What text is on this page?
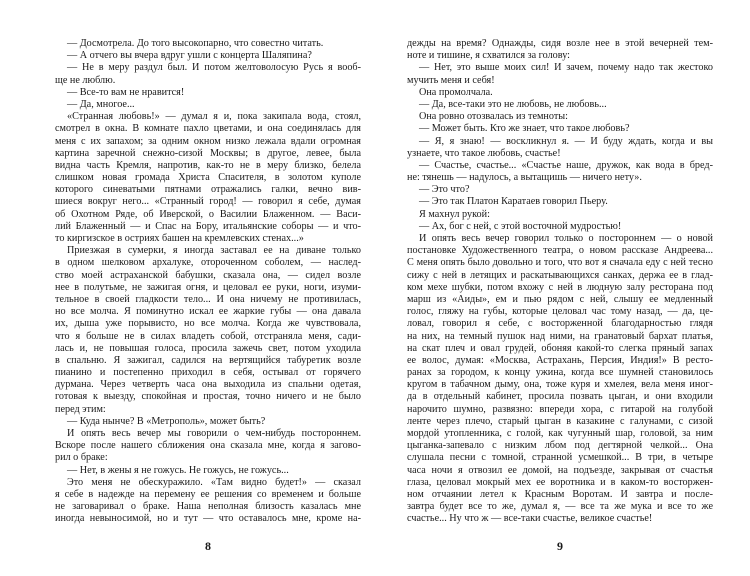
— Досмотрела. До того высокопарно, что совестно читать.
— А отчего вы вчера вдруг ушли с концерта Шаляпина?
— Не в меру раздул был. И потом желтоволосую Русь я вооб-
ще не люблю.
— Все-то вам не нравится!
— Да, многое...
«Странная любовь!» — думал я и, пока закипала вода, стоял,
смотрел в окна. В комнате пахло цветами, и она соединялась для
меня с их запахом; за одним окном низко лежала вдали огромная
картина заречной снежно-сизой Москвы; в другое, левее, была
видна часть Кремля, напротив, как-то не в меру близко, белела
слишком новая громада Христа Спасителя, в золотом куполе
которого синеватыми пятнами отражались галки, вечно вив-
шиеся вокруг него... «Странный город! — говорил я себе, думая
об Охотном Ряде, об Иверской, о Василии Блаженном. — Васи-
лий Блаженный — и Спас на Бору, итальянские соборы — и что-
то киргизское в остриях башен на кремлевских стенах...»
Приезжая в сумерки, я иногда заставал ее на диване только
в одном шелковом архалуке, отороченном соболем, — наслед-
ство моей астраханской бабушки, сказала она, — сидел возле
нее в полутьме, не зажигая огня, и целовал ее руки, ноги, изуми-
тельное в своей гладкости тело... И она ничему не противилась,
но все молча. Я поминутно искал ее жаркие губы — она давала
их, дыша уже порывисто, но все молча. Когда же чувствовала,
что я больше не в силах владеть собой, отстраняла меня, сади-
лась и, не повышая голоса, просила зажечь свет, потом уходила
в спальню. Я зажигал, садился на вертящийся табуретик возле
пианино и постепенно приходил в себя, остывал от горячего
дурмана. Через четверть часа она выходила из спальни одетая,
готовая к выезду, спокойная и простая, точно ничего и не было
перед этим:
— Куда нынче? В «Метрополь», может быть?
И опять весь вечер мы говорили о чем-нибудь постороннем.
Вскоре после нашего сближения она сказала мне, когда я загово-
рил о браке:
— Нет, в жены я не гожусь. Не гожусь, не гожусь...
Это меня не обескуражило. «Там видно будет!» — сказал
я себе в надежде на перемену ее решения со временем и больше
не заговаривал о браке. Наша неполная близость казалась мне
иногда невыносимой, но и тут — что оставалось мне, кроме на-
8
дежды на время? Однажды, сидя возле нее в этой вечерней тем-
ноте и тишине, я схватился за голову:
— Нет, это выше моих сил! И зачем, почему надо так жестоко
мучить меня и себя!
Она промолчала.
— Да, все-таки это не любовь, не любовь...
Она ровно отозвалась из темноты:
— Может быть. Кто же знает, что такое любовь?
— Я, я знаю! — воскликнул я. — И буду ждать, когда и вы
узнаете, что такое любовь, счастье!
— Счастье, счастье... «Счастье наше, дружок, как вода в бред-
не: тянешь — надулось, а вытащишь — ничего нету».
— Это что?
— Это так Платон Каратаев говорил Пьеру.
Я махнул рукой:
— Ах, бог с ней, с этой восточной мудростью!
И опять весь вечер говорил только о постороннем — о новой
постановке Художественного театра, о новом рассказе Андреева...
С меня опять было довольно и того, что вот я сначала еду с ней тесно
сижу с ней в летящих и раскатывающихся санках, держа ее в глад-
ком мехе шубки, потом вхожу с ней в людную залу ресторана под
марш из «Аиды», ем и пью рядом с ней, слышу ее медленный
голос, гляжу на губы, которые целовал час тому назад, — да, це-
ловал, говорил я себе, с восторженной благодарностью глядя
на них, на темный пушок над ними, на гранатовый бархат платья,
на скат плеч и овал грудей, обоняя какой-то слегка пряный запах
ее волос, думая: «Москва, Астрахань, Персия, Индия!» В рестo-
ранах за городом, к концу ужина, когда все шумней становилось
кругом в табачном дыму, она, тоже куря и хмелея, вела меня иног-
да в отдельный кабинет, просила позвать цыган, и они входили
нарочито шумно, развязно: впереди хора, с гитарой на голубой
ленте через плечо, старый цыган в казакине с галунами, с сизой
мордой утопленника, с голой, как чугунный шар, головой, за ним
цыганка-запевало с низким лбом под дегтярной челкой... Она
слушала песни с томной, странной усмешкой... В три, в четыре
часа ночи я отвозил ее домой, на подъезде, закрывая от счастья
глаза, целовал мокрый мех ее воротника и в каком-то восторжен-
ном отчаянии летел к Красным Воротам. И завтра и послe-
завтра будет все то же, думал я, — все та же мука и все то же
счастье... Ну что ж — все-таки счастье, великое счастье!
9
